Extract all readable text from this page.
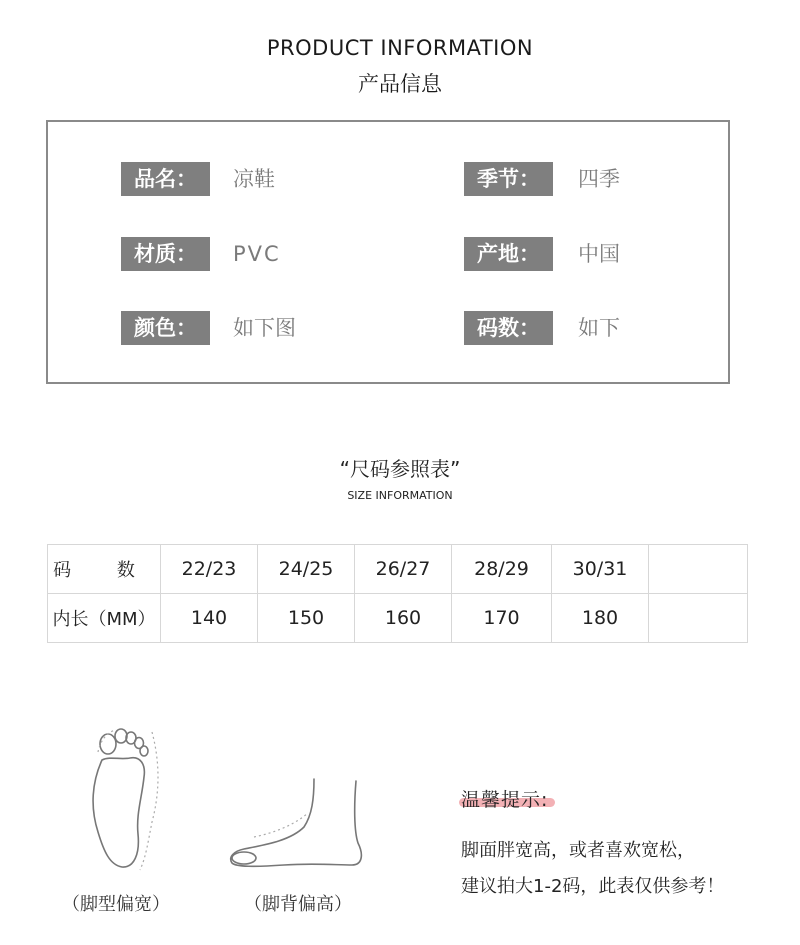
PRODUCT INFORMATION
产品信息
品名：	凉鞋	季节：	四季
材质：	PVC	产地：	中国
颜色：	如下图	码数：	如下
“尺码参照表”
SIZE INFORMATION
码 数	22/23	24/25	26/27	28/29	30/31	
内长（MM）	140	150	160	170	180	
（脚型偏宽）	（脚背偏高）
温馨提示:
脚面胖宽高，或者喜欢宽松，
建议拍大1-2码，此表仅供参考！
